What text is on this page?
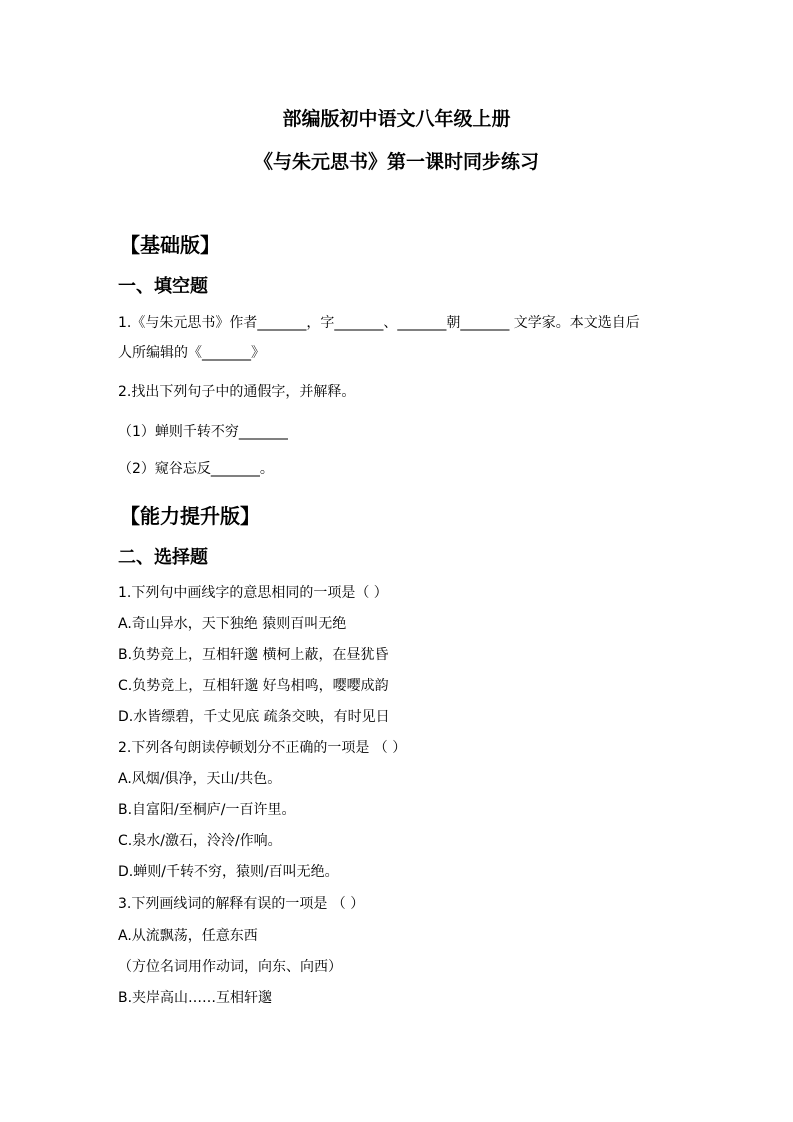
部编版初中语文八年级上册
《与朱元思书》第一课时同步练习
【基础版】
一、填空题
1.《与朱元思书》作者_______，字_______、_______朝_______ 文学家。本文选自后
人所编辑的《_______》
2.找出下列句子中的通假字，并解释。
（1）蝉则千转不穷_______
（2）窥谷忘反_______。
【能力提升版】
二、选择题
1.下列句中画线字的意思相同的一项是（ ）
A.奇山异水，天下独绝 猿则百叫无绝
B.负势竞上，互相轩邈 横柯上蔽，在昼犹昏
C.负势竞上，互相轩邈 好鸟相鸣，嘤嘤成韵
D.水皆缥碧，千丈见底 疏条交映，有时见日
2.下列各句朗读停顿划分不正确的一项是 （ ）
A.风烟/俱净，天山/共色。
B.自富阳/至桐庐/一百许里。
C.泉水/激石，泠泠/作响。
D.蝉则/千转不穷，猿则/百叫无绝。
3.下列画线词的解释有误的一项是 （ ）
A.从流飘荡，任意东西
（方位名词用作动词，向东、向西）
B.夹岸高山……互相轩邈
